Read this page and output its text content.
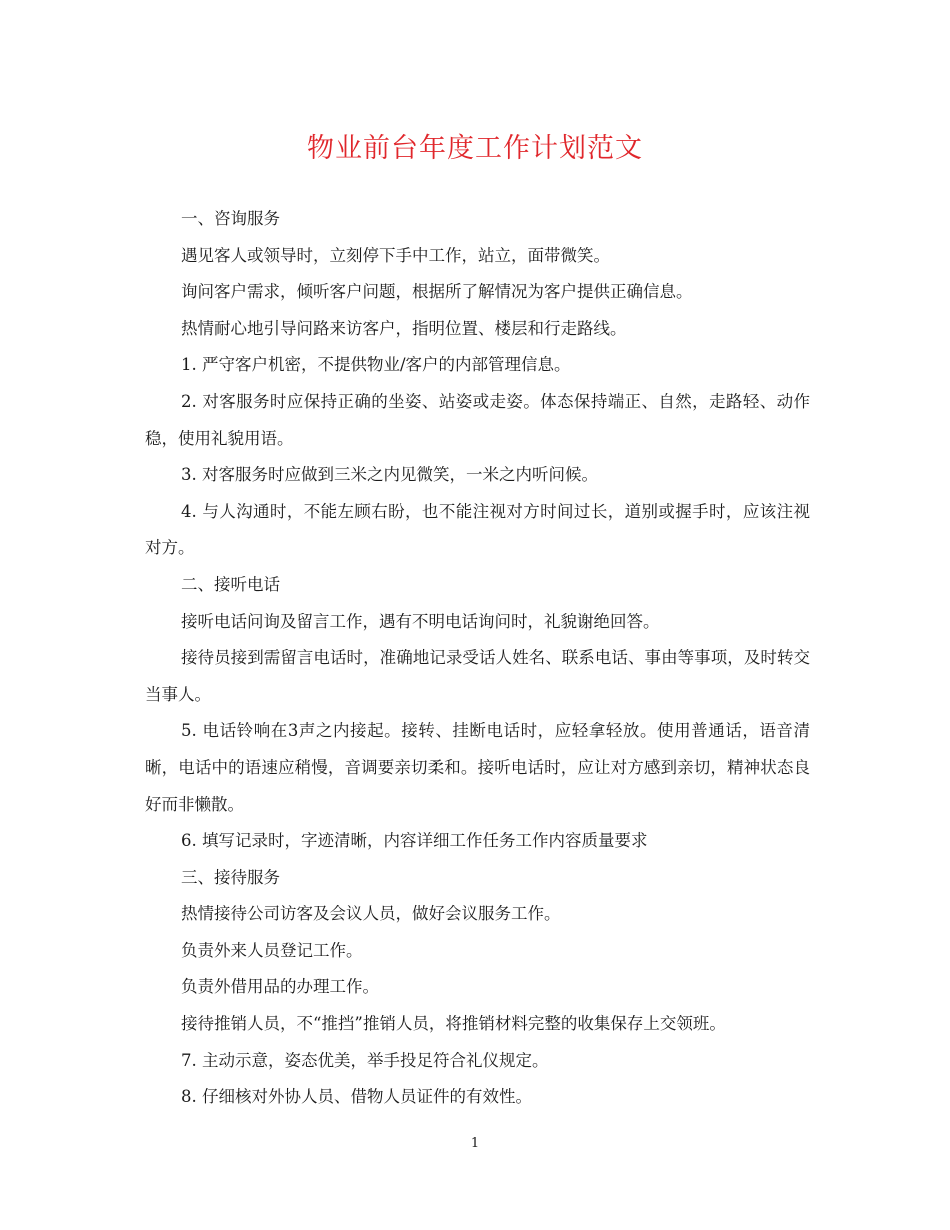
物业前台年度工作计划范文

一、咨询服务

遇见客人或领导时，立刻停下手中工作，站立，面带微笑。

询问客户需求，倾听客户问题，根据所了解情况为客户提供正确信息。

热情耐心地引导问路来访客户，指明位置、楼层和行走路线。

1. 严守客户机密，不提供物业/客户的内部管理信息。

2. 对客服务时应保持正确的坐姿、站姿或走姿。体态保持端正、自然，走路轻、动作稳，使用礼貌用语。

3. 对客服务时应做到三米之内见微笑，一米之内听问候。

4. 与人沟通时，不能左顾右盼，也不能注视对方时间过长，道别或握手时，应该注视对方。

二、接听电话

接听电话问询及留言工作，遇有不明电话询问时，礼貌谢绝回答。

接待员接到需留言电话时，准确地记录受话人姓名、联系电话、事由等事项，及时转交当事人。

5. 电话铃响在3声之内接起。接转、挂断电话时，应轻拿轻放。使用普通话，语音清晰，电话中的语速应稍慢，音调要亲切柔和。接听电话时，应让对方感到亲切，精神状态良好而非懒散。

6. 填写记录时，字迹清晰，内容详细工作任务工作内容质量要求

三、接待服务

热情接待公司访客及会议人员，做好会议服务工作。

负责外来人员登记工作。

负责外借用品的办理工作。

接待推销人员，不“推挡”推销人员，将推销材料完整的收集保存上交领班。

7. 主动示意，姿态优美，举手投足符合礼仪规定。

8. 仔细核对外协人员、借物人员证件的有效性。

1
